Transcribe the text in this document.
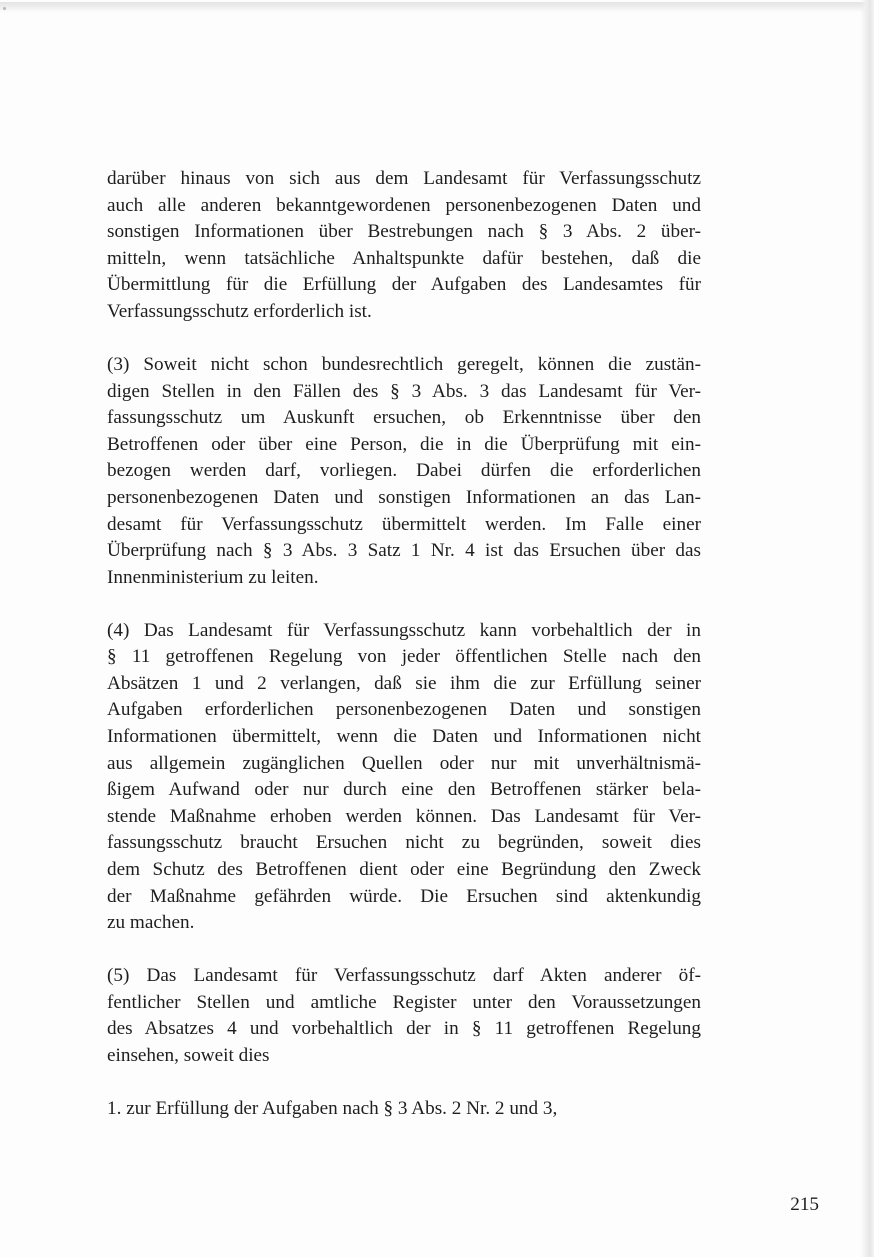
darüber hinaus von sich aus dem Landesamt für Verfassungsschutz
auch alle anderen bekanntgewordenen personenbezogenen Daten und
sonstigen Informationen über Bestrebungen nach § 3 Abs. 2 über-
mitteln, wenn tatsächliche Anhaltspunkte dafür bestehen, daß die
Übermittlung für die Erfüllung der Aufgaben des Landesamtes für
Verfassungsschutz erforderlich ist.
(3) Soweit nicht schon bundesrechtlich geregelt, können die zustän-
digen Stellen in den Fällen des § 3 Abs. 3 das Landesamt für Ver-
fassungsschutz um Auskunft ersuchen, ob Erkenntnisse über den
Betroffenen oder über eine Person, die in die Überprüfung mit ein-
bezogen werden darf, vorliegen. Dabei dürfen die erforderlichen
personenbezogenen Daten und sonstigen Informationen an das Lan-
desamt für Verfassungsschutz übermittelt werden. Im Falle einer
Überprüfung nach § 3 Abs. 3 Satz 1 Nr. 4 ist das Ersuchen über das
Innenministerium zu leiten.
(4) Das Landesamt für Verfassungsschutz kann vorbehaltlich der in
§ 11 getroffenen Regelung von jeder öffentlichen Stelle nach den
Absätzen 1 und 2 verlangen, daß sie ihm die zur Erfüllung seiner
Aufgaben erforderlichen personenbezogenen Daten und sonstigen
Informationen übermittelt, wenn die Daten und Informationen nicht
aus allgemein zugänglichen Quellen oder nur mit unverhältnismä-
ßigem Aufwand oder nur durch eine den Betroffenen stärker bela-
stende Maßnahme erhoben werden können. Das Landesamt für Ver-
fassungsschutz braucht Ersuchen nicht zu begründen, soweit dies
dem Schutz des Betroffenen dient oder eine Begründung den Zweck
der Maßnahme gefährden würde. Die Ersuchen sind aktenkundig
zu machen.
(5) Das Landesamt für Verfassungsschutz darf Akten anderer öf-
fentlicher Stellen und amtliche Register unter den Voraussetzungen
des Absatzes 4 und vorbehaltlich der in § 11 getroffenen Regelung
einsehen, soweit dies
1. zur Erfüllung der Aufgaben nach § 3 Abs. 2 Nr. 2 und 3,
215
